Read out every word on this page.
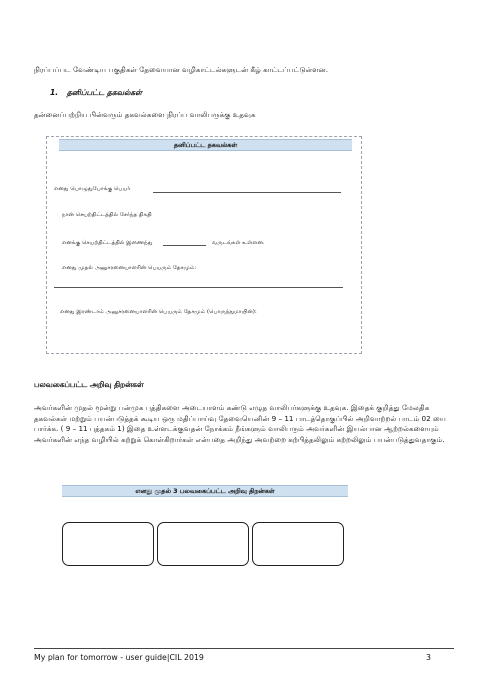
நிரப்பப்பட வேண்டிய பகுதிகள் தேவையான வழிகாட்டல்களுடன் கீழ் காட்டப்பட்டுள்ளன.
1. தனிப்பட்ட தகவல்கள்
தன்னைப்பற்றிய பின்வரும் தகவல்களை நிரப்ப வாலிபருக்கு உதவுக
தனிப்பட்ட தகவல்கள்
எனது பொழுதுபோக்கு பெயர்
நான் செயற்திட்டத்தில் சேர்ந்த திகதி
எனக்கு செயற்திட்டத்தில் இணைந்து	வருடங்கள் உள்ளன.
எனது முதல் அனுசரனையாளரின் பெயரும் தேசமும்:
எனது இரண்டாம் அனுசரனையாளரின் பெயரும் தேசமும் (பொருந்துமாயின்):
பலவகைப்பட்ட அறிவு திறன்கள்
அவர்களின் முதல் மூன்று பன்முக புத்திகளை அடையாளம் கண்டு எழுத வாலிபர்களுக்கு உதவுக. இதைக் குறித்து மேலதிக தகவல்கள் மற்றும் பயன்படுத்தக் கூடிய ஒரு மதிப்பாய்வு தேவையெனின் 9 – 11 பாடத்தொகுப்பில் அறிவாற்றல் பாடம் 02 யை பார்க்க. ( 9 – 11 புத்தகம் 1) இதை உள்ளடக்குவதன் நோக்கம் நீங்களும் வாலிபரும் அவர்களின் இயல்பான ஆற்றல்களையும் அவர்களின் எந்த வழியில் கற்றுக் கொள்கிறார்கள் என்பதை அறிந்து அவற்றை கற்பித்தலிலும் கற்றலிலும் பயன்படுத்துவதாகும்.
எனது முதல் 3 பலவகைப்பட்ட அறிவு திறன்கள்
My plan for tomorrow - user guide|CIL 2019	3
